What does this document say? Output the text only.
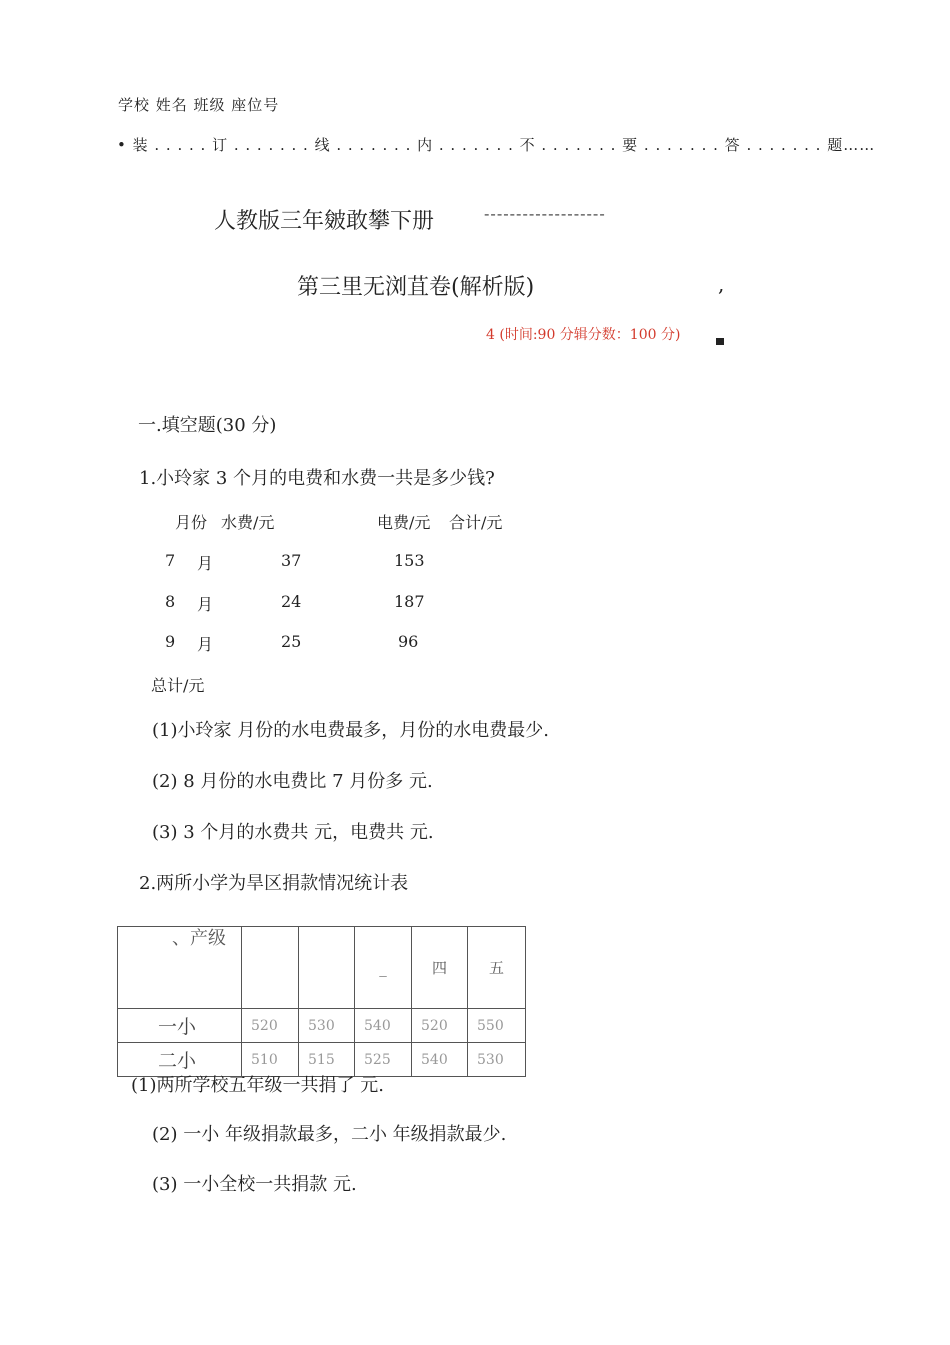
学校 姓名 班级 座位号
• 装 . . . . . 订 . . . . . . . 线 . . . . . . . 内 . . . . . . . 不 . . . . . . . 要 . . . . . . . 答 . . . . . . . 题……
人教版三年皴敢攀下册	-------------------
第三里无浏苴卷(解析版)	,
4 (时间:90 分辑分数：100 分)
一.填空题(30 分)
1.小玲家 3 个月的电费和水费一共是多少钱?
月份 水费/元	电费/元 合计/元
7 月	37	153
8 月	24	187
9 月	25	96
总计/元
(1)小玲家 月份的水电费最多，月份的水电费最少.
(2) 8 月份的水电费比 7 月份多 元.
(3) 3 个月的水费共 元，电费共 元.
2.两所小学为旱区捐款情况统计表
、产级			_	四	五
一小	520	530	540	520	550
二小	510	515	525	540	530
(1)两所学校五年级一共捐了 元.
(2) 一小 年级捐款最多，二小 年级捐款最少.
(3) 一小全校一共捐款 元.
